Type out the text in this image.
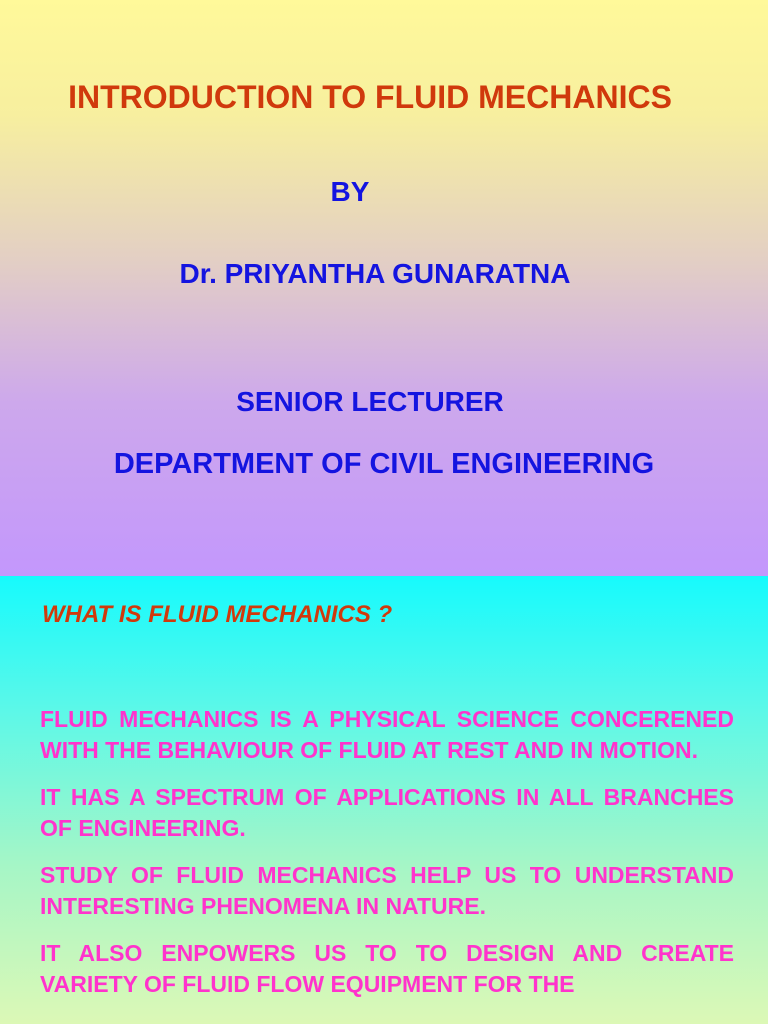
INTRODUCTION TO FLUID MECHANICS

BY

Dr. PRIYANTHA GUNARATNA

SENIOR LECTURER

DEPARTMENT OF CIVIL ENGINEERING

WHAT IS FLUID MECHANICS ?

FLUID MECHANICS IS A PHYSICAL SCIENCE CONCERENED WITH THE BEHAVIOUR OF FLUID AT REST AND IN MOTION.

IT HAS A SPECTRUM OF APPLICATIONS IN ALL BRANCHES OF ENGINEERING.

STUDY OF FLUID MECHANICS HELP US TO UNDERSTAND INTERESTING PHENOMENA IN NATURE.

IT ALSO ENPOWERS US TO TO DESIGN AND CREATE VARIETY OF FLUID FLOW EQUIPMENT FOR THE
